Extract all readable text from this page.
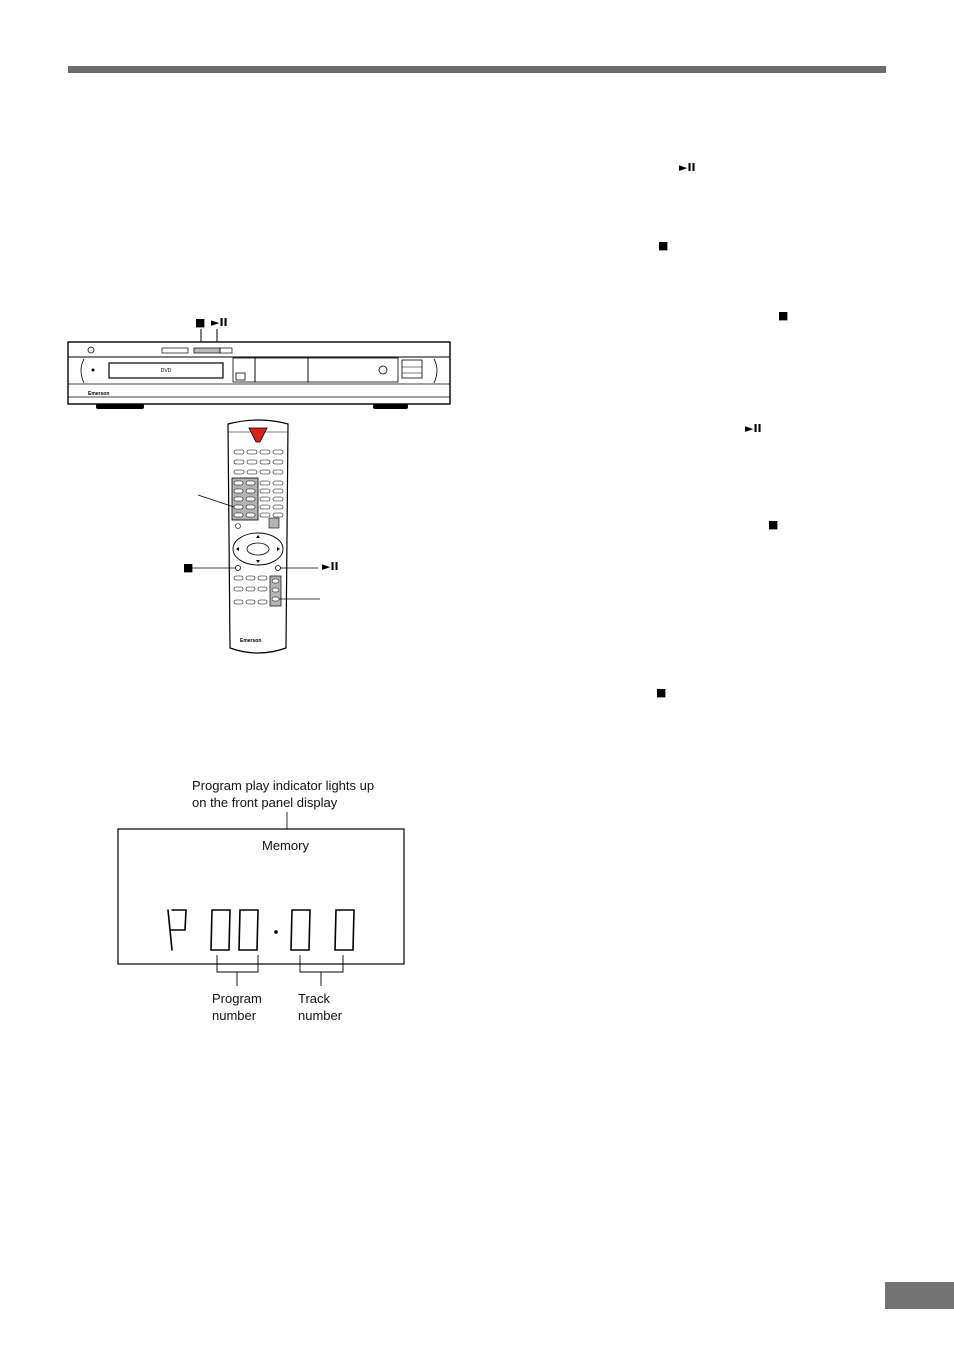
►II
■
■
►II
■
■
DVD
Emerson
■ ►II
Emerson
■	►II
Program play indicator lights up
on the front panel display
Memory
Program
number
Track
number
